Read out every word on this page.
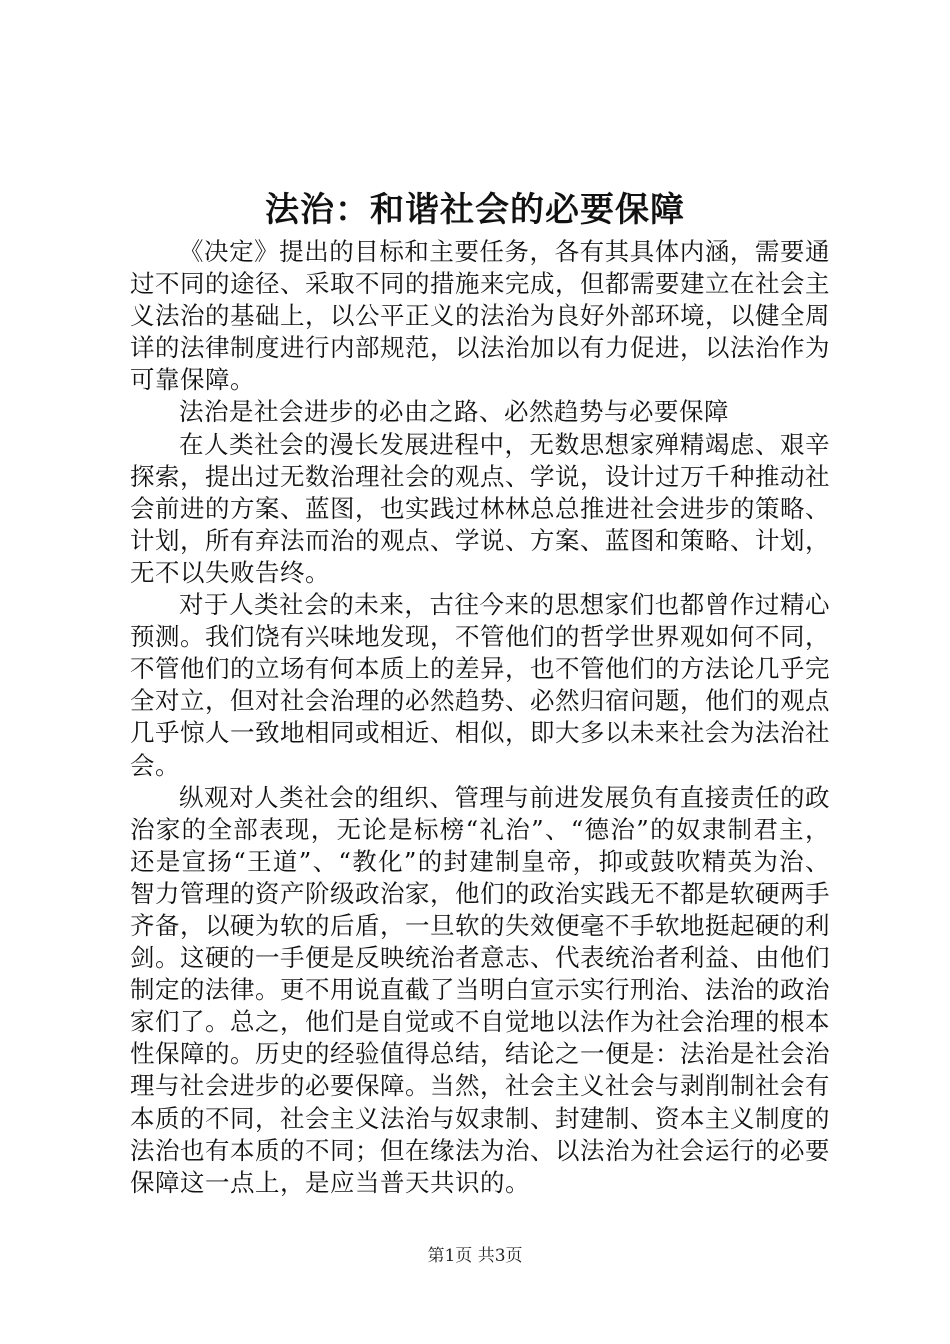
法治：和谐社会的必要保障

《决定》提出的目标和主要任务，各有其具体内涵，需要通过不同的途径、采取不同的措施来完成，但都需要建立在社会主义法治的基础上，以公平正义的法治为良好外部环境，以健全周详的法律制度进行内部规范，以法治加以有力促进，以法治作为可靠保障。

法治是社会进步的必由之路、必然趋势与必要保障

在人类社会的漫长发展进程中，无数思想家殚精竭虑、艰辛探索，提出过无数治理社会的观点、学说，设计过万千种推动社会前进的方案、蓝图，也实践过林林总总推进社会进步的策略、计划，所有弃法而治的观点、学说、方案、蓝图和策略、计划，无不以失败告终。

对于人类社会的未来，古往今来的思想家们也都曾作过精心预测。我们饶有兴味地发现，不管他们的哲学世界观如何不同，不管他们的立场有何本质上的差异，也不管他们的方法论几乎完全对立，但对社会治理的必然趋势、必然归宿问题，他们的观点几乎惊人一致地相同或相近、相似，即大多以未来社会为法治社会。

纵观对人类社会的组织、管理与前进发展负有直接责任的政治家的全部表现，无论是标榜“礼治”、“德治”的奴隶制君主，还是宣扬“王道”、“教化”的封建制皇帝，抑或鼓吹精英为治、智力管理的资产阶级政治家，他们的政治实践无不都是软硬两手齐备，以硬为软的后盾，一旦软的失效便毫不手软地挺起硬的利剑。这硬的一手便是反映统治者意志、代表统治者利益、由他们制定的法律。更不用说直截了当明白宣示实行刑治、法治的政治家们了。总之，他们是自觉或不自觉地以法作为社会治理的根本性保障的。历史的经验值得总结，结论之一便是：法治是社会治理与社会进步的必要保障。当然，社会主义社会与剥削制社会有本质的不同，社会主义法治与奴隶制、封建制、资本主义制度的法治也有本质的不同；但在缘法为治、以法治为社会运行的必要保障这一点上，是应当普天共识的。

第1页 共3页
